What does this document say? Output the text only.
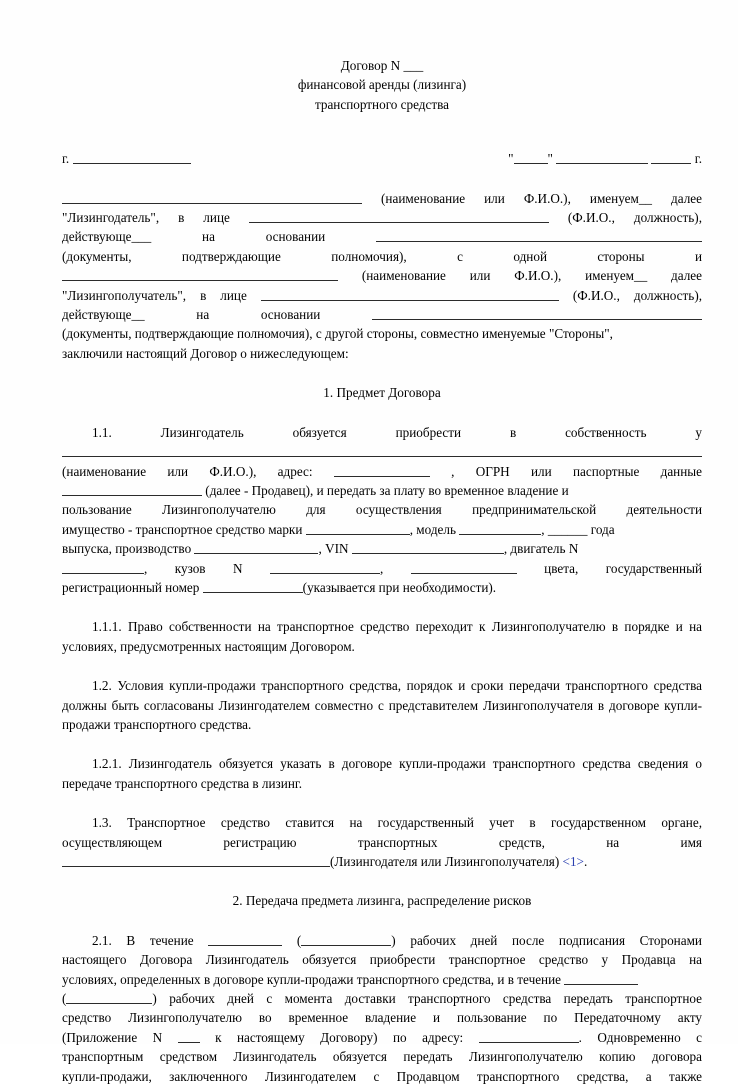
Договор N ___
финансовой аренды (лизинга)
транспортного средства
г.	"	"	г.
(наименование или Ф.И.О.), именуем__ далее
"Лизингодатель", в лице	(Ф.И.О., должность),
действующе___ на основании
(документы, подтверждающие полномочия), с одной стороны и
(наименование или Ф.И.О.), именуем__ далее
"Лизингополучатель", в лице	(Ф.И.О., должность),
действующе__ на основании
(документы, подтверждающие полномочия), с другой стороны, совместно именуемые "Стороны",
заключили настоящий Договор о нижеследующем:
1. Предмет Договора
1.1.	Лизингодатель обязуется приобрести в собственность у
(наименование или Ф.И.О.), адрес:	, ОГРН или паспортные данные
(далее - Продавец), и передать за плату во временное владение и
пользование Лизингополучателю для осуществления предпринимательской деятельности
имущество - транспортное средство марки	, модель	, ______ года
выпуска, производство	, VIN	, двигатель N
, кузов N	,	цвета, государственный
регистрационный номер	(указывается при необходимости).
1.1.1. Право собственности на транспортное средство переходит к Лизингополучателю в порядке и на условиях, предусмотренных настоящим Договором.
1.2. Условия купли-продажи транспортного средства, порядок и сроки передачи транспортного средства должны быть согласованы Лизингодателем совместно с представителем Лизингополучателя в договоре купли-продажи транспортного средства.
1.2.1. Лизингодатель обязуется указать в договоре купли-продажи транспортного средства сведения о передаче транспортного средства в лизинг.
1.3. Транспортное средство ставится на государственный учет в государственном органе,
осуществляющем регистрацию транспортных средств, на имя
(Лизингодателя или Лизингополучателя) <1>.
2. Передача предмета лизинга, распределение рисков
2.1. В течение	(	) рабочих дней после подписания Сторонами
настоящего Договора Лизингодатель обязуется приобрести транспортное средство у Продавца на
условиях, определенных в договоре купли-продажи транспортного средства, и в течение
(	) рабочих дней с момента доставки транспортного средства передать транспортное
средство Лизингополучателю во временное владение и пользование по Передаточному акту
(Приложение N	к настоящему Договору) по адресу:	. Одновременно с
транспортным средством Лизингодатель обязуется передать Лизингополучателю копию договора
купли-продажи, заключенного Лизингодателем с Продавцом транспортного средства, а также
